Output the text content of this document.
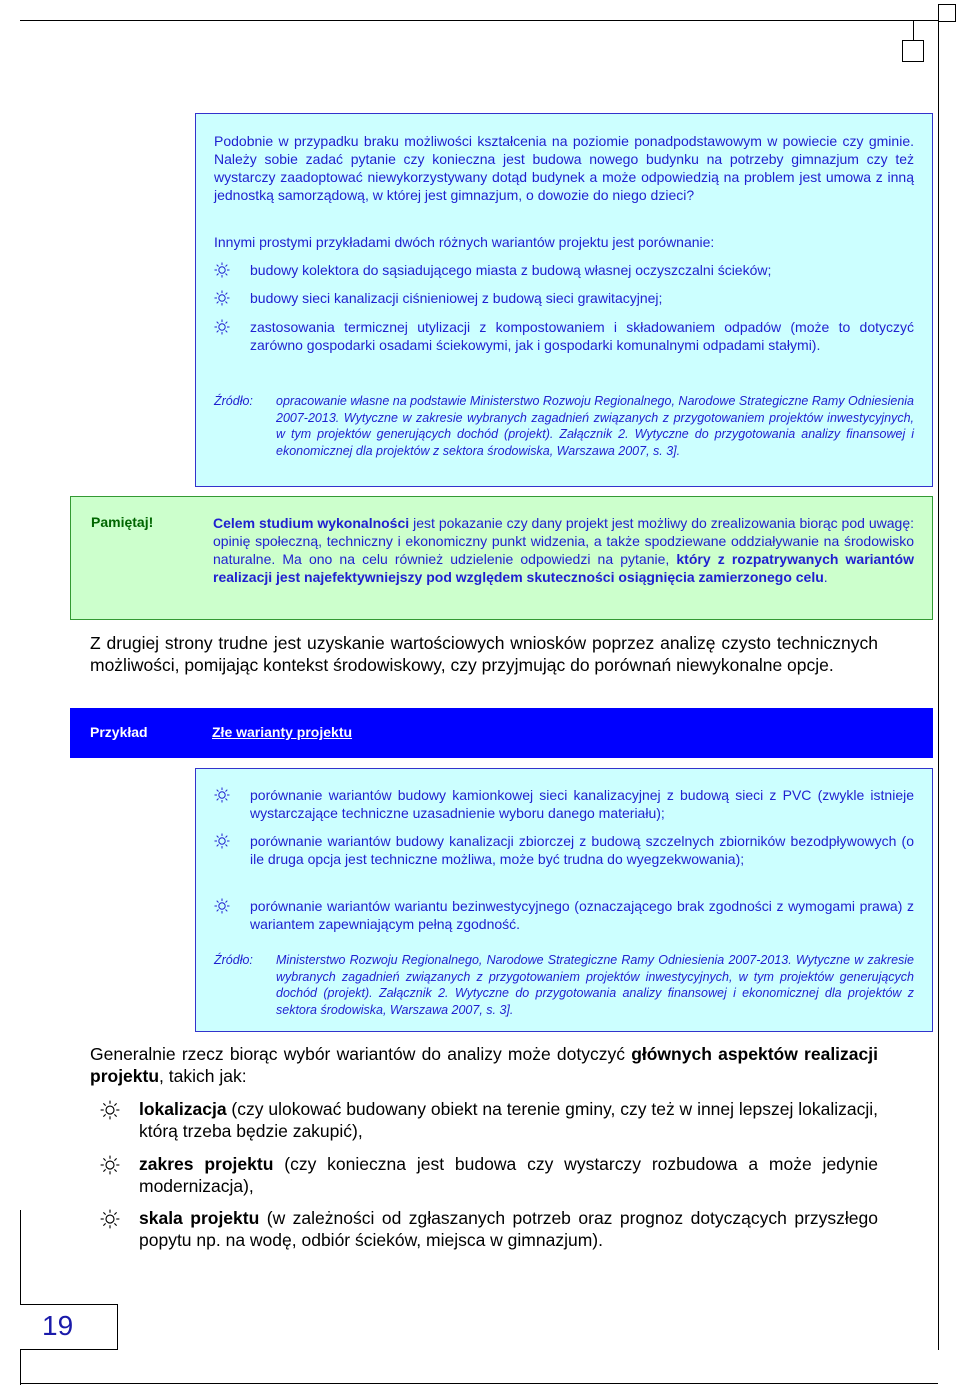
Podobnie w przypadku braku możliwości kształcenia na poziomie ponadpodstawowym w powiecie czy gminie. Należy sobie zadać pytanie czy konieczna jest budowa nowego budynku na potrzeby gimnazjum czy też wystarczy zaadoptować niewykorzystywany dotąd budynek a może odpowiedzią na problem jest umowa z inną jednostką samorządową, w której jest gimnazjum, o dowozie do niego dzieci?

Innymi prostymi przykładami dwóch różnych wariantów projektu jest porównanie:

budowy kolektora do sąsiadującego miasta z budową własnej oczyszczalni ścieków;

budowy sieci kanalizacji ciśnieniowej z budową sieci grawitacyjnej;

zastosowania termicznej utylizacji z kompostowaniem i składowaniem odpadów (może to dotyczyć zarówno gospodarki osadami ściekowymi, jak i gospodarki komunalnymi odpadami stałymi).

Źródło: opracowanie własne na podstawie Ministerstwo Rozwoju Regionalnego, Narodowe Strategiczne Ramy Odniesienia 2007-2013. Wytyczne w zakresie wybranych zagadnień związanych z przygotowaniem projektów inwestycyjnych, w tym projektów generujących dochód (projekt). Załącznik 2. Wytyczne do przygotowania analizy finansowej i ekonomicznej dla projektów z sektora środowiska, Warszawa 2007, s. 3].

Pamiętaj!	Celem studium wykonalności jest pokazanie czy dany projekt jest możliwy do zrealizowania biorąc pod uwagę: opinię społeczną, techniczny i ekonomiczny punkt widzenia, a także spodziewane oddziaływanie na środowisko naturalne. Ma ono na celu również udzielenie odpowiedzi na pytanie, który z rozpatrywanych wariantów realizacji jest najefektywniejszy pod względem skuteczności osiągnięcia zamierzonego celu.

Z drugiej strony trudne jest uzyskanie wartościowych wniosków poprzez analizę czysto technicznych możliwości, pomijając kontekst środowiskowy, czy przyjmując do porównań niewykonalne opcje.

Przykład	Złe warianty projektu

porównanie wariantów budowy kamionkowej sieci kanalizacyjnej z budową sieci z PVC (zwykle istnieje wystarczające techniczne uzasadnienie wyboru danego materiału);

porównanie wariantów budowy kanalizacji zbiorczej z budową szczelnych zbiorników bezodpływowych (o ile druga opcja jest techniczne możliwa, może być trudna do wyegzekwowania);

porównanie wariantów wariantu bezinwestycyjnego (oznaczającego brak zgodności z wymogami prawa) z wariantem zapewniającym pełną zgodność.

Źródło: Ministerstwo Rozwoju Regionalnego, Narodowe Strategiczne Ramy Odniesienia 2007-2013. Wytyczne w zakresie wybranych zagadnień związanych z przygotowaniem projektów inwestycyjnych, w tym projektów generujących dochód (projekt). Załącznik 2. Wytyczne do przygotowania analizy finansowej i ekonomicznej dla projektów z sektora środowiska, Warszawa 2007, s. 3].

Generalnie rzecz biorąc wybór wariantów do analizy może dotyczyć głównych aspektów realizacji projektu, takich jak:

lokalizacja (czy ulokować budowany obiekt na terenie gminy, czy też w innej lepszej lokalizacji, którą trzeba będzie zakupić),

zakres projektu (czy konieczna jest budowa czy wystarczy rozbudowa a może jedynie modernizacja),

skala projektu (w zależności od zgłaszanych potrzeb oraz prognoz dotyczących przyszłego popytu np. na wodę, odbiór ścieków, miejsca w gimnazjum).

19
